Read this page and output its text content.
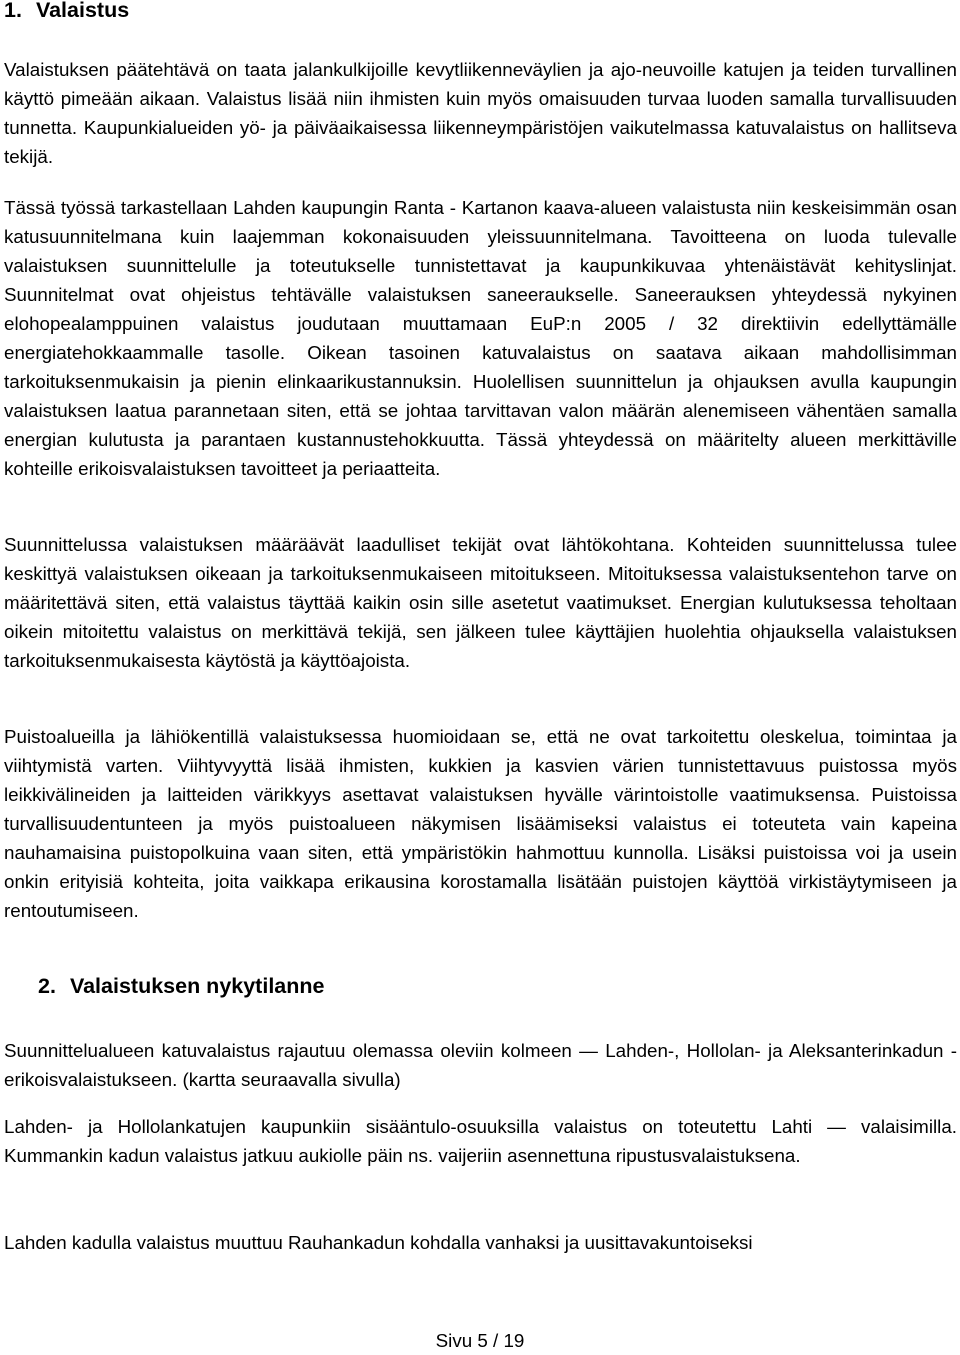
1. Valaistus

Valaistuksen päätehtävä on taata jalankulkijoille kevytliikenneväylien ja ajo-neuvoille katujen ja teiden turvallinen käyttö pimeään aikaan. Valaistus lisää niin ihmisten kuin myös omaisuuden turvaa luoden samalla turvallisuuden tunnetta. Kaupunkialueiden yö- ja päiväaikaisessa liikenneympäristöjen vaikutelmassa katuvalaistus on hallitseva tekijä.

Tässä työssä tarkastellaan Lahden kaupungin Ranta - Kartanon kaava-alueen valaistusta niin keskeisimmän osan katusuunnitelmana kuin laajemman kokonaisuuden yleissuunnitelmana. Tavoitteena on luoda tulevalle valaistuksen suunnittelulle ja toteutukselle tunnistettavat ja kaupunkikuvaa yhtenäistävät kehityslinjat. Suunnitelmat ovat ohjeistus tehtävälle valaistuksen saneeraukselle. Saneerauksen yhteydessä nykyinen elohopealamppuinen valaistus joudutaan muuttamaan EuP:n 2005 / 32 direktiivin edellyttämälle energiatehokkaammalle tasolle. Oikean tasoinen katuvalaistus on saatava aikaan mahdollisimman tarkoituksenmukaisin ja pienin elinkaarikustannuksin. Huolellisen suunnittelun ja ohjauksen avulla kaupungin valaistuksen laatua parannetaan siten, että se johtaa tarvittavan valon määrän alenemiseen vähentäen samalla energian kulutusta ja parantaen kustannustehokkuutta. Tässä yhteydessä on määritelty alueen merkittäville kohteille erikoisvalaistuksen tavoitteet ja periaatteita.

Suunnittelussa valaistuksen määräävät laadulliset tekijät ovat lähtökohtana. Kohteiden suunnittelussa tulee keskittyä valaistuksen oikeaan ja tarkoituksenmukaiseen mitoitukseen. Mitoituksessa valaistuksentehon tarve on määritettävä siten, että valaistus täyttää kaikin osin sille asetetut vaatimukset. Energian kulutuksessa teholtaan oikein mitoitettu valaistus on merkittävä tekijä, sen jälkeen tulee käyttäjien huolehtia ohjauksella valaistuksen tarkoituksenmukaisesta käytöstä ja käyttöajoista.

Puistoalueilla ja lähiökentillä valaistuksessa huomioidaan se, että ne ovat tarkoitettu oleskelua, toimintaa ja viihtymistä varten. Viihtyvyyttä lisää ihmisten, kukkien ja kasvien värien tunnistettavuus puistossa myös leikkivälineiden ja laitteiden värikkyys asettavat valaistuksen hyvälle värintoistolle vaatimuksensa. Puistoissa turvallisuudentunteen ja myös puistoalueen näkymisen lisäämiseksi valaistus ei toteuteta vain kapeina nauhamaisina puistopolkuina vaan siten, että ympäristökin hahmottuu kunnolla. Lisäksi puistoissa voi ja usein onkin erityisiä kohteita, joita vaikkapa erikausina korostamalla lisätään puistojen käyttöä virkistäytymiseen ja rentoutumiseen.

2. Valaistuksen nykytilanne

Suunnittelualueen katuvalaistus rajautuu olemassa oleviin kolmeen — Lahden-, Hollolan- ja Aleksanterinkadun - erikoisvalaistukseen. (kartta seuraavalla sivulla)

Lahden- ja Hollolankatujen kaupunkiin sisääntulo-osuuksilla valaistus on toteutettu Lahti — valaisimilla. Kummankin kadun valaistus jatkuu aukiolle päin ns. vaijeriin asennettuna ripustusvalaistuksena.

Lahden kadulla valaistus muuttuu Rauhankadun kohdalla vanhaksi ja uusittavakuntoiseksi

Sivu 5 / 19
